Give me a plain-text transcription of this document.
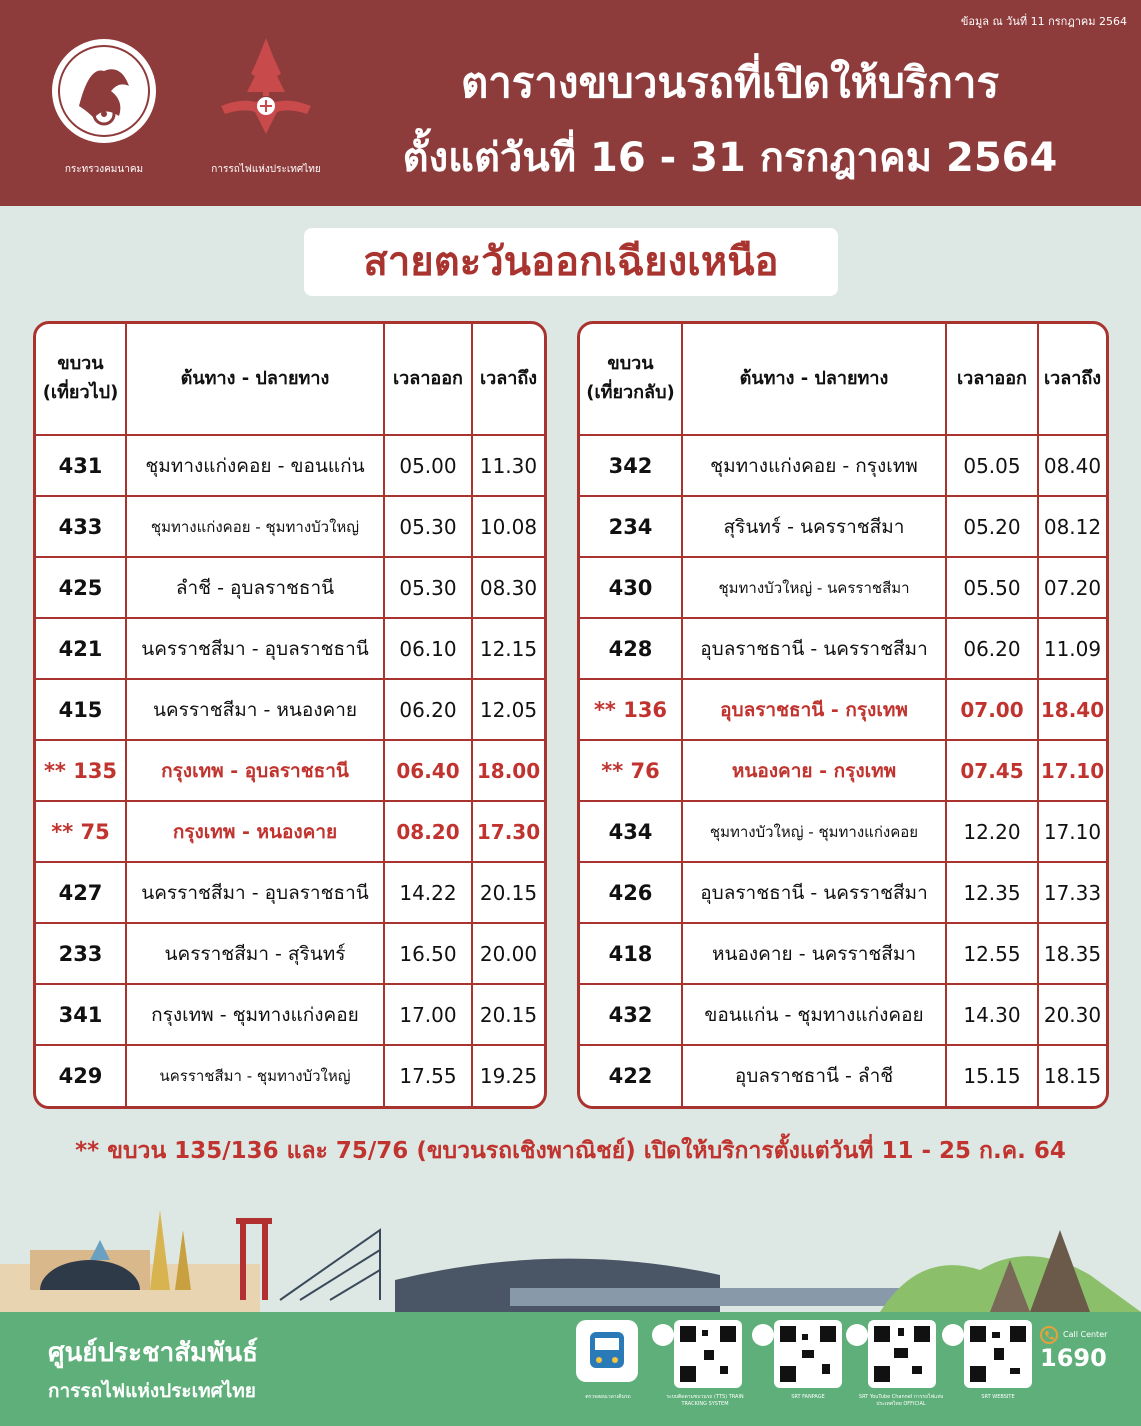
ข้อมูล ณ วันที่ 11 กรกฎาคม 2564
กระทรวงคมนาคม	การรถไฟแห่งประเทศไทย
ตารางขบวนรถที่เปิดให้บริการ
ตั้งแต่วันที่ 16 - 31 กรกฎาคม 2564
สายตะวันออกเฉียงเหนือ
ขบวน
(เที่ยวไป)	ต้นทาง - ปลายทาง	เวลาออก	เวลาถึง
431	ชุมทางแก่งคอย - ขอนแก่น	05.00	11.30
433	ชุมทางแก่งคอย - ชุมทางบัวใหญ่	05.30	10.08
425	ลำชี - อุบลราชธานี	05.30	08.30
421	นครราชสีมา - อุบลราชธานี	06.10	12.15
415	นครราชสีมา - หนองคาย	06.20	12.05
** 135	กรุงเทพ - อุบลราชธานี	06.40	18.00
** 75	กรุงเทพ - หนองคาย	08.20	17.30
427	นครราชสีมา - อุบลราชธานี	14.22	20.15
233	นครราชสีมา - สุรินทร์	16.50	20.00
341	กรุงเทพ - ชุมทางแก่งคอย	17.00	20.15
429	นครราชสีมา - ชุมทางบัวใหญ่	17.55	19.25
ขบวน
(เที่ยวกลับ)	ต้นทาง - ปลายทาง	เวลาออก	เวลาถึง
342	ชุมทางแก่งคอย - กรุงเทพ	05.05	08.40
234	สุรินทร์ - นครราชสีมา	05.20	08.12
430	ชุมทางบัวใหญ่ - นครราชสีมา	05.50	07.20
428	อุบลราชธานี - นครราชสีมา	06.20	11.09
** 136	อุบลราชธานี - กรุงเทพ	07.00	18.40
** 76	หนองคาย - กรุงเทพ	07.45	17.10
434	ชุมทางบัวใหญ่ - ชุมทางแก่งคอย	12.20	17.10
426	อุบลราชธานี - นครราชสีมา	12.35	17.33
418	หนองคาย - นครราชสีมา	12.55	18.35
432	ขอนแก่น - ชุมทางแก่งคอย	14.30	20.30
422	อุบลราชธานี - ลำชี	15.15	18.15
** ขบวน 135/136 และ 75/76 (ขบวนรถเชิงพาณิชย์) เปิดให้บริการตั้งแต่วันที่ 11 - 25 ก.ค. 64
ศูนย์ประชาสัมพันธ์
การรถไฟแห่งประเทศไทย	ตรวจสอบเวลาเดินรถ	ระบบติดตามขบวนรถ (TTS) TRAIN TRACKING SYSTEM
SRT FANPAGE	SRT YouTube Channel การรถไฟแห่งประเทศไทย OFFICIAL
SRT WEBSITE
Call Center
1690
